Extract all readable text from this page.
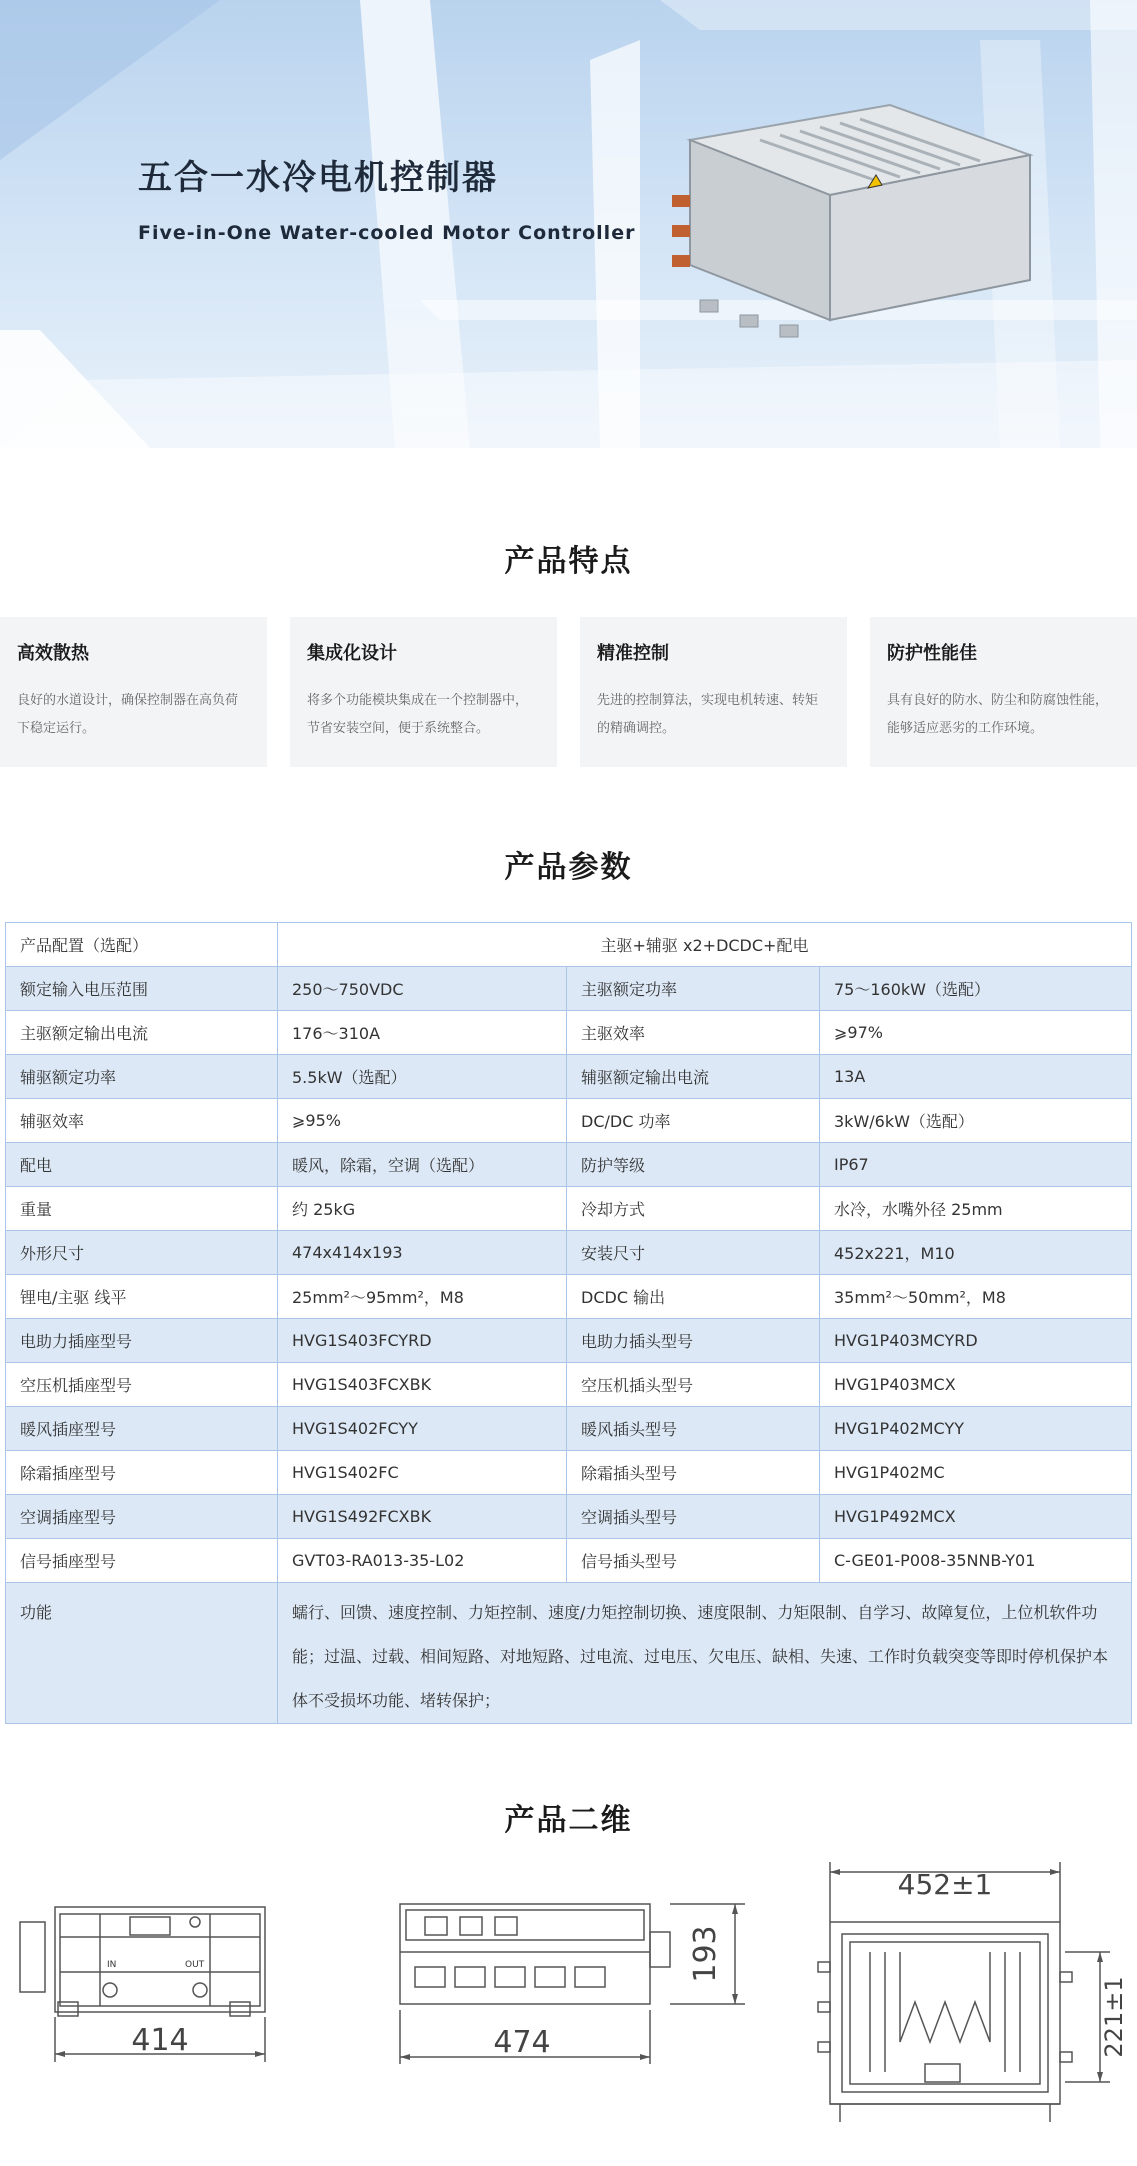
五合一水冷电机控制器
Five-in-One Water-cooled Motor Controller
产品特点
高效散热

良好的水道设计，确保控制器在高负荷下稳定运行。

集成化设计

将多个功能模块集成在一个控制器中，节省安装空间，便于系统整合。

精准控制

先进的控制算法，实现电机转速、转矩的精确调控。

防护性能佳

具有良好的防水、防尘和防腐蚀性能，能够适应恶劣的工作环境。

产品参数
产品配置（选配）	主驱+辅驱 x2+DCDC+配电		
额定输入电压范围	250～750VDC	主驱额定功率	75～160kW（选配）
主驱额定输出电流	176～310A	主驱效率	⩾97%
辅驱额定功率	5.5kW（选配）	辅驱额定输出电流	13A
辅驱效率	⩾95%	DC/DC 功率	3kW/6kW（选配）
配电	暖风，除霜，空调（选配）	防护等级	IP67
重量	约 25kG	冷却方式	水冷，水嘴外径 25mm
外形尺寸	474x414x193	安装尺寸	452x221，M10
锂电/主驱 线平	25mm²～95mm²，M8	DCDC 输出	35mm²～50mm²，M8
电助力插座型号	HVG1S403FCYRD	电助力插头型号	HVG1P403MCYRD
空压机插座型号	HVG1S403FCXBK	空压机插头型号	HVG1P403MCX
暖风插座型号	HVG1S402FCYY	暖风插头型号	HVG1P402MCYY
除霜插座型号	HVG1S402FC	除霜插头型号	HVG1P402MC
空调插座型号	HVG1S492FCXBK	空调插头型号	HVG1P492MCX
信号插座型号	GVT03-RA013-35-L02	信号插头型号	C-GE01-P008-35NNB-Y01
功能	蠕行、回馈、速度控制、力矩控制、速度/力矩控制切换、速度限制、力矩限制、自学习、故障复位，上位机软件功能；过温、过载、相间短路、对地短路、过电流、过电压、欠电压、缺相、失速、工作时负载突变等即时停机保护本体不受损坏功能、堵转保护；		
产品二维
IN	OUT
414	474
193
452±1
221±1
